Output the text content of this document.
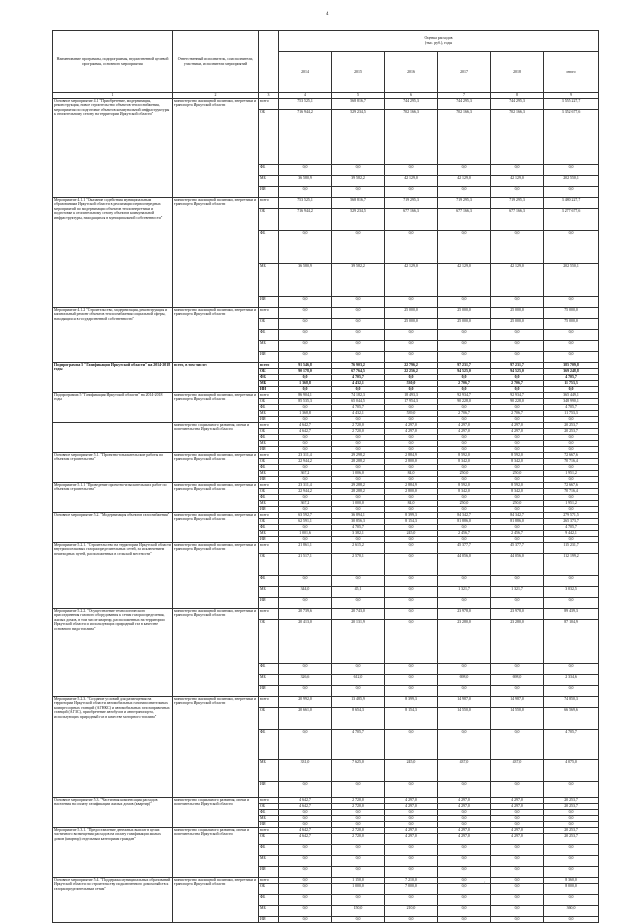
4
Наименование программы, подпрограммы, ведомственной целевой программы, основного мероприятия	Ответственный исполнитель, соисполнители, участники, исполнители мероприятий		Оценка расходов
(тыс. руб.), годы					

			2014	2015	2016	2017	2018	итого
1	2	3	4	5	6	7	8	9
Основное мероприятие 4.1 "Приобретение, модернизация, реконструкция, новое строительство объектов теплоснабжения, мероприятия по подготовке объектов коммунальной инфраструктуры к отопительному сезону на территории Иркутской области"	министерство жилищной политики, энергетики и транспорта Иркутской области	всего	753 525,1	568 816,7	744 295,3	744 295,3	744 295,3	3 555 227,7
		ОБ	716 944,2	529 234,5	702 166,3	702 166,3	702 166,3	3 352 677,6
		ФБ	0,0	0,0	0,0	0,0	0,0	0,0
		МБ	36 580,9	39 582,2	42 129,0	42 129,0	42 129,0	202 550,1
		ИИ	0,0	0,0	0,0	0,0	0,0	0,0
Мероприятие 4.1.1 "Оказание содействия муниципальным образованиям Иркутской области в реализации первоочередных мероприятий по модернизации объектов теплоэнергетики и подготовке к отопительному сезону объектов коммунальной инфраструктуры, находящихся в муниципальной собственности"	министерство жилищной политики, энергетики и транспорта Иркутской области	всего	753 525,1	568 816,7	719 295,3	719 295,3	719 295,3	3 480 227,7
		ОБ	716 944,2	529 234,5	677 166,3	677 166,3	677 166,3	3 277 677,6
		ФБ	0,0	0,0	0,0	0,0	0,0	0,0
		МБ	36 580,9	39 582,2	42 129,0	42 129,0	42 129,0	202 550,1
		ИИ	0,0	0,0	0,0	0,0	0,0	0,0
Мероприятие 4.1.2 "Строительство, модернизация, реконструкция и капитальный ремонт объектов теплоснабжения социальной сферы, находящихся в государственной собственности"	министерство жилищной политики, энергетики и транспорта Иркутской области	всего	0,0	0,0	25 000,0	25 000,0	25 000,0	75 000,0
		ОБ	0,0	0,0	25 000,0	25 000,0	25 000,0	75 000,0
		ФБ	0,0	0,0	0,0	0,0	0,0	0,0
		МБ	0,0	0,0	0,0	0,0	0,0	0,0
		ИИ	0,0	0,0	0,0	0,0	0,0	0,0
Подпрограмма 5 "Газификация Иркутской области" на 2014-2018 годы	всего, в том числе:	всего	91 546,8	76 903,2	22 796,2	97 231,7	97 231,7	385 709,8
		ОБ	90 178,0	67 764,5	22 256,2	94 525,0	94 525,0	369 248,8
		ФБ	0,0	4 705,7	0,0	0,0	0,0	4 705,7
		МБ	1 368,8	4 432,1	530,0	2 706,7	2 706,7	11 753,3
		ИИ	0,0	0,0	0,0	0,0	0,0	0,0
Подпрограмма 5 "Газификация Иркутской области" на 2014-2018 годы	министерство жилищной политики, энергетики и транспорта Иркутской области	всего	86 904,1	74 182,3	18 493,3	92 934,7	92 934,7	365 449,1
		ОБ	85 535,3	65 044,5	17 954,3	90 228,0	90 228,0	348 990,1
		ФБ	0,0	4 705,7	0,0	0,0	0,0	4 705,7
		МБ	1 368,8	4 432,1	539,0	2 706,7	2 706,7	11 753,3
		ИИ	0,0	0,0	0,0	0,0	0,0	0,0
	министерство социального развития, опеки и попечительства Иркутской области	всего	4 642,7	2 720,0	4 297,0	4 297,0	4 297,0	20 253,7
		ОБ	4 642,7	2 720,0	4 297,0	4 297,0	4 297,0	20 253,7
		ФБ	0,0	0,0	0,0	0,0	0,0	0,0
		МБ	0,0	0,0	0,0	0,0	0,0	0,0
		ИИ	0,0	0,0	0,0	0,0	0,0	0,0
Основное мероприятие 5.1. "Проектно-изыскательские работы по объектам строительства"	министерство жилищной политики, энергетики и транспорта Иркутской области	всего	23 311,4	29 298,2	2 884,9	8 592,0	8 592,0	72 667,6
		ОБ	22 944,2	28 288,2	2 800,0	8 342,0	8 342,0	70 716,4
		ФБ	0,0	0,0	0,0	0,0	0,0	0,0
		МБ	367,2	1 006,0	84,0	250,0	250,0	1 951,2
		ИИ	0,0	0,0	0,0	0,0	0,0	0,0
Мероприятие 5.1.1 "Проведение проектно-изыскательских работ по объектам строительства"	министерство жилищной политики, энергетики и транспорта Иркутской области	всего	23 311,4	29 288,2	2 884,9	8 592,0	8 592,0	72 667,6
		ОБ	22 944,2	28 288,2	2 800,0	8 342,0	8 342,0	70 716,4
		ФБ	0,0	0,0	0,0	0,0	0,0	0,0
		МБ	367,2	1 000,0	84,0	250,0	250,0	1 951,2
		ИИ	0,0	0,0	0,0	0,0	0,0	0,0
Основное мероприятие 5.2. "Модернизация объектов газоснабжения"	министерство жилищной политики, энергетики и транспорта Иркутской области	всего	63 592,7	36 894,1	8 399,3	84 342,7	84 342,7	279 571,5
		ОБ	62 591,1	30 856,3	8 154,3	81 886,0	81 886,0	265 373,7
		ФБ	0,0	4 705,7	0,0	0,0	0,0	4 705,7
		МБ	1 001,6	3 382,1	245,0	2 456,7	2 456,7	9 442,1
		ИИ	0,0	0,0	0,0	0,0	0,0	0,0
Мероприятие 5.2.1. "Строительство на территории Иркутской области внутрипоселковых газораспределительных сетей, за исключением пешеходных путей, расположенных в сельской местности"	министерство жилищной политики, энергетики и транспорта Иркутской области	всего	21 861,1	2 615,2	0,0	45 377,7	45 377,7	115 231,7
		ОБ	21 517,1	2 570,1	0,0	44 056,0	44 056,0	112 199,2
		ФБ	0,0	0,0	0,0	0,0	0,0	0,0
		МБ	344,0	45,1	0,0	1 321,7	1 321,7	3 032,5
		ИИ	0,0	0,0	0,0	0,0	0,0	0,0
Мероприятие 5.2.2. "Осуществление технологического присоединения газового оборудования к сетям газораспределения, жилых домов, в том числе квартир, расположенных на территории Иркутской области и использующих природный газ в качестве основного вида топлива"	министерство жилищной политики, энергетики и транспорта Иркутской области	всего	20 739,6	20 743,0	0,0	23 978,0	23 978,0	89 439,3
		ОБ	20 413,0	20 131,9	0,0	23 280,0	23 280,0	87 104,9
		ФБ	0,0	0,0	0,0	0,0	0,0	0,0
		МБ	326,6	612,0	0,0	698,0	698,0	2 334,6
		ИИ	0,0	0,0	0,0	0,0	0,0	0,0
Мероприятие 5.2.3. "Создание условий для размещения на территории Иркутской области автомобильных газонаполнительных компрессорных станций (АГНКС) и автомобильных газозаправочных станций (АГЗС), приобретение автобусов и автотранспорта, использующих природный газ в качестве моторного топлива"	министерство жилищной политики, энергетики и транспорта Иркутской области	всего	20 992,0	13 485,9	8 399,3	14 987,0	14 987,0	74 850,3
		ОБ	20 661,0	8 654,3	8 154,3	14 550,0	14 550,0	66 569,6
		ФБ	0,0	4 705,7	0,0	0,0	0,0	4 705,7
		МБ	331,0	7 625,0	245,0	437,0	437,0	4 075,0
		ИИ	0,0	0,0	0,0	0,0	0,0	0,0
Основное мероприятие 5.3. "Частичная компенсация расходов населения на оплату газификации жилых домов (квартир)"	министерство социального развития, опеки и попечительства Иркутской области	всего	4 642,7	2 720,0	4 297,0	4 297,0	4 297,0	20 253,7
		ОБ	4 642,7	2 720,0	4 297,0	4 297,0	4 297,0	20 253,7
		ФБ	0,0	0,0	0,0	0,0	0,0	0,0
		МБ	0,0	0,0	0,0	0,0	0,0	0,0
		ИИ	0,0	0,0	0,0	0,0	0,0	0,0
Мероприятие 5.3.1. "Предоставление денежных выплат в целях частичного возмещения расходов на оплату газификации жилых домов (квартир) отдельным категориям граждан"	министерство социального развития, опеки и попечительства Иркутской области	всего	4 642,7	2 720,0	4 297,0	4 297,0	4 297,0	20 253,7
		ОБ	4 642,7	2 720,0	4 297,0	4 297,0	4 297,0	20 253,7
		ФБ	0,0	0,0	0,0	0,0	0,0	0,0
		МБ	0,0	0,0	0,0	0,0	0,0	0,0
		ИИ	0,0	0,0	0,0	0,0	0,0	0,0
Основное мероприятие 5.4. "Поддержка муниципальных образований Иркутской области по строительству подключенного домохозяйств к газораспределительным сетям"	министерство жилищной политики, энергетики и транспорта Иркутской области	всего	0,0	1 150,0	7 210,0	0,0	0,0	8 360,0
		ОБ	0,0	1 000,0	7 000,0	0,0	0,0	8 000,0
		ФБ	0,0	0,0	0,0	0,0	0,0	0,0
		МБ	0,0	150,0	210,0	0,0	0,0	360,0
		ИИ	0,0	0,0	0,0	0,0	0,0	0,0
/
